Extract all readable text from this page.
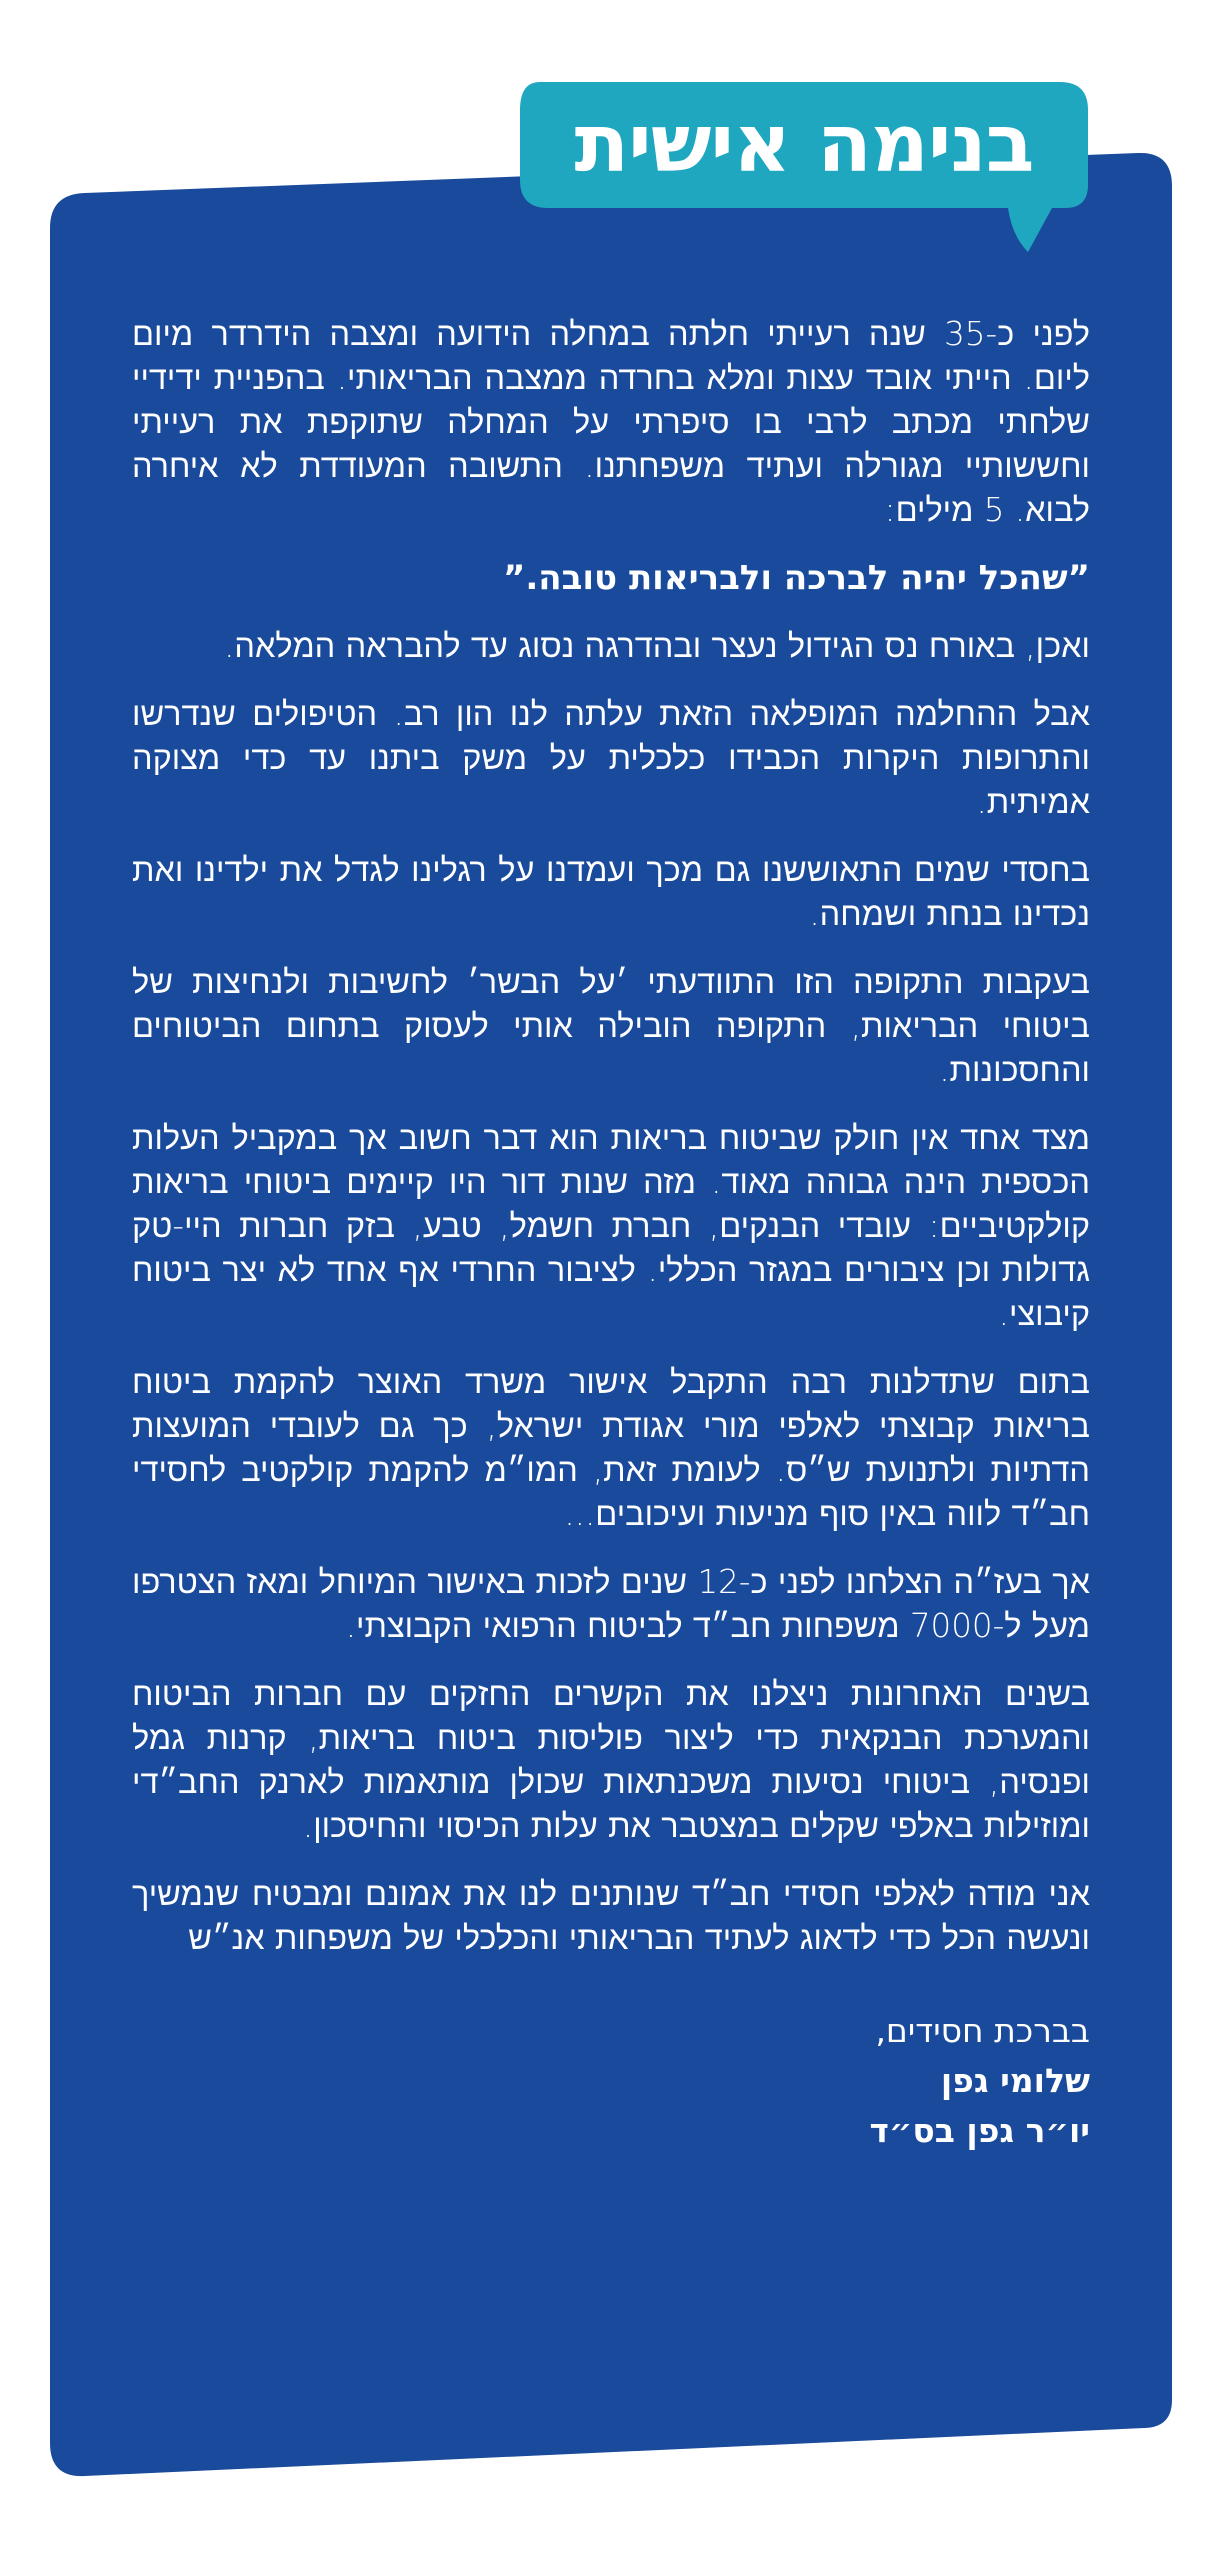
בנימה אישית

לפני כ-35 שנה רעייתי חלתה במחלה הידועה ומצבה הידרדר מיום ליום. הייתי אובד עצות ומלא בחרדה ממצבה הבריאותי. בהפניית ידידיי שלחתי מכתב לרבי בו סיפרתי על המחלה שתוקפת את רעייתי וחששותיי מגורלה ועתיד משפחתנו. התשובה המעודדת לא איחרה לבוא. 5 מילים:

”שהכל יהיה לברכה ולבריאות טובה.”

ואכן, באורח נס הגידול נעצר ובהדרגה נסוג עד להבראה המלאה.

אבל ההחלמה המופלאה הזאת עלתה לנו הון רב. הטיפולים שנדרשו והתרופות היקרות הכבידו כלכלית על משק ביתנו עד כדי מצוקה אמיתית.

בחסדי שמים התאוששנו גם מכך ועמדנו על רגלינו לגדל את ילדינו ואת נכדינו בנחת ושמחה.

בעקבות התקופה הזו התוודעתי ׳על הבשר׳ לחשיבות ולנחיצות של ביטוחי הבריאות, התקופה הובילה אותי לעסוק בתחום הביטוחים והחסכונות.

מצד אחד אין חולק שביטוח בריאות הוא דבר חשוב אך במקביל העלות הכספית הינה גבוהה מאוד. מזה שנות דור היו קיימים ביטוחי בריאות קולקטיביים: עובדי הבנקים, חברת חשמל, טבע, בזק חברות היי-טק גדולות וכן ציבורים במגזר הכללי. לציבור החרדי אף אחד לא יצר ביטוח קיבוצי.

בתום שתדלנות רבה התקבל אישור משרד האוצר להקמת ביטוח בריאות קבוצתי לאלפי מורי אגודת ישראל, כך גם לעובדי המועצות הדתיות ולתנועת ש״ס. לעומת זאת, המו״מ להקמת קולקטיב לחסידי חב״ד לווה באין סוף מניעות ועיכובים...

אך בעז״ה הצלחנו לפני כ-12 שנים לזכות באישור המיוחל ומאז הצטרפו מעל ל-7000 משפחות חב״ד לביטוח הרפואי הקבוצתי.

בשנים האחרונות ניצלנו את הקשרים החזקים עם חברות הביטוח והמערכת הבנקאית כדי ליצור פוליסות ביטוח בריאות, קרנות גמל ופנסיה, ביטוחי נסיעות משכנתאות שכולן מותאמות לארנק החב״די ומוזילות באלפי שקלים במצטבר את עלות הכיסוי והחיסכון.

אני מודה לאלפי חסידי חב״ד שנותנים לנו את אמונם ומבטיח שנמשיך ונעשה הכל כדי לדאוג לעתיד הבריאותי והכלכלי של משפחות אנ״ש

בברכת חסידים,
שלומי גפן
יו״ר גפן בס״ד
